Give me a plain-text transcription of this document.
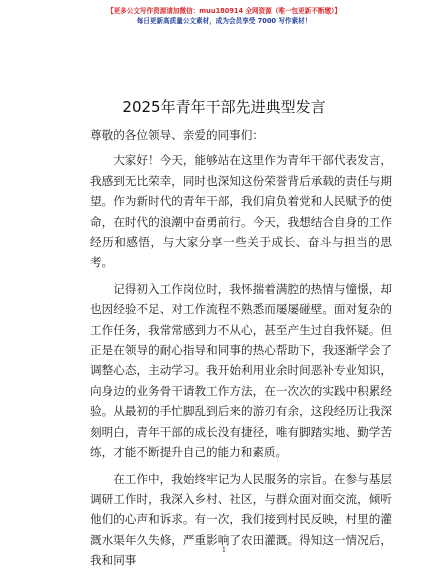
【更多公文写作资源请加微信：muu180914 全网资源（唯一包更新不断缴）】
每日更新高质量公文素材，成为会员享受 7000 写作素材！
2025年青年干部先进典型发言

尊敬的各位领导、亲爱的同事们：

大家好！今天，能够站在这里作为青年干部代表发言，我感到无比荣幸，同时也深知这份荣誉背后承载的责任与期望。作为新时代的青年干部，我们肩负着党和人民赋予的使命，在时代的浪潮中奋勇前行。今天，我想结合自身的工作经历和感悟，与大家分享一些关于成长、奋斗与担当的思考。

记得初入工作岗位时，我怀揣着满腔的热情与憧憬，却也因经验不足、对工作流程不熟悉而屡屡碰壁。面对复杂的工作任务，我常常感到力不从心，甚至产生过自我怀疑。但正是在领导的耐心指导和同事的热心帮助下，我逐渐学会了调整心态，主动学习。我开始利用业余时间恶补专业知识，向身边的业务骨干请教工作方法，在一次次的实践中积累经验。从最初的手忙脚乱到后来的游刃有余，这段经历让我深刻明白，青年干部的成长没有捷径，唯有脚踏实地、勤学苦练，才能不断提升自己的能力和素质。

在工作中，我始终牢记为人民服务的宗旨。在参与基层调研工作时，我深入乡村、社区，与群众面对面交流，倾听他们的心声和诉求。有一次，我们接到村民反映，村里的灌溉水渠年久失修，严重影响了农田灌溉。得知这一情况后，我和同事

1
